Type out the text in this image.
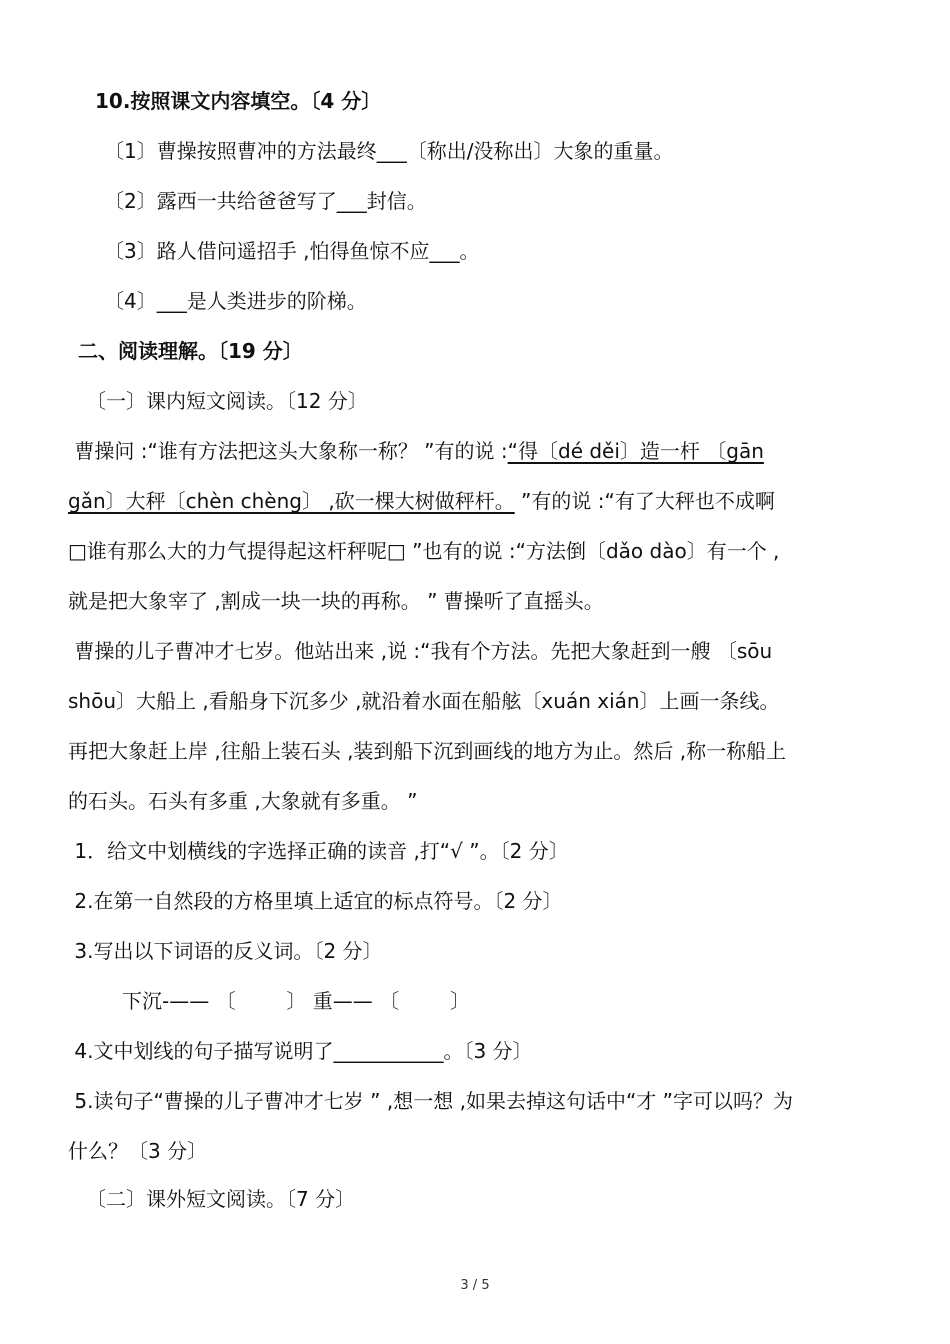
10.按照课文内容填空。〔4 分〕
〔1〕曹操按照曹冲的方法最终___〔称出/没称出〕大象的重量。
〔2〕露西一共给爸爸写了___封信。
〔3〕路人借问遥招手 ,怕得鱼惊不应___。
〔4〕___是人类进步的阶梯。
二、阅读理解。〔19 分〕
〔一〕课内短文阅读。〔12 分〕
曹操问 :“谁有方法把这头大象称一称？ ”有的说 :“得〔dé děi〕造一杆 〔gān
gǎn〕大秤〔chèn chèng〕 ,砍一棵大树做秤杆。 ”有的说 :“有了大秤也不成啊
□谁有那么大的力气提得起这杆秤呢□ ”也有的说 :“方法倒〔dǎo dào〕有一个 ,
就是把大象宰了 ,割成一块一块的再称。 ” 曹操听了直摇头。
曹操的儿子曹冲才七岁。他站出来 ,说 :“我有个方法。先把大象赶到一艘 〔sōu
shōu〕大船上 ,看船身下沉多少 ,就沿着水面在船舷〔xuán xián〕上画一条线。
再把大象赶上岸 ,往船上装石头 ,装到船下沉到画线的地方为止。然后 ,称一称船上
的石头。石头有多重 ,大象就有多重。 ”
1．给文中划横线的字选择正确的读音 ,打“√ ”。〔2 分〕
2.在第一自然段的方格里填上适宜的标点符号。〔2 分〕
3.写出以下词语的反义词。〔2 分〕
下沉-—— 〔        〕 重—— 〔        〕
4.文中划线的句子描写说明了___________。〔3 分〕
5.读句子“曹操的儿子曹冲才七岁 ” ,想一想 ,如果去掉这句话中“才 ”字可以吗？为
什么？〔3 分〕
〔二〕课外短文阅读。〔7 分〕
3 / 5
